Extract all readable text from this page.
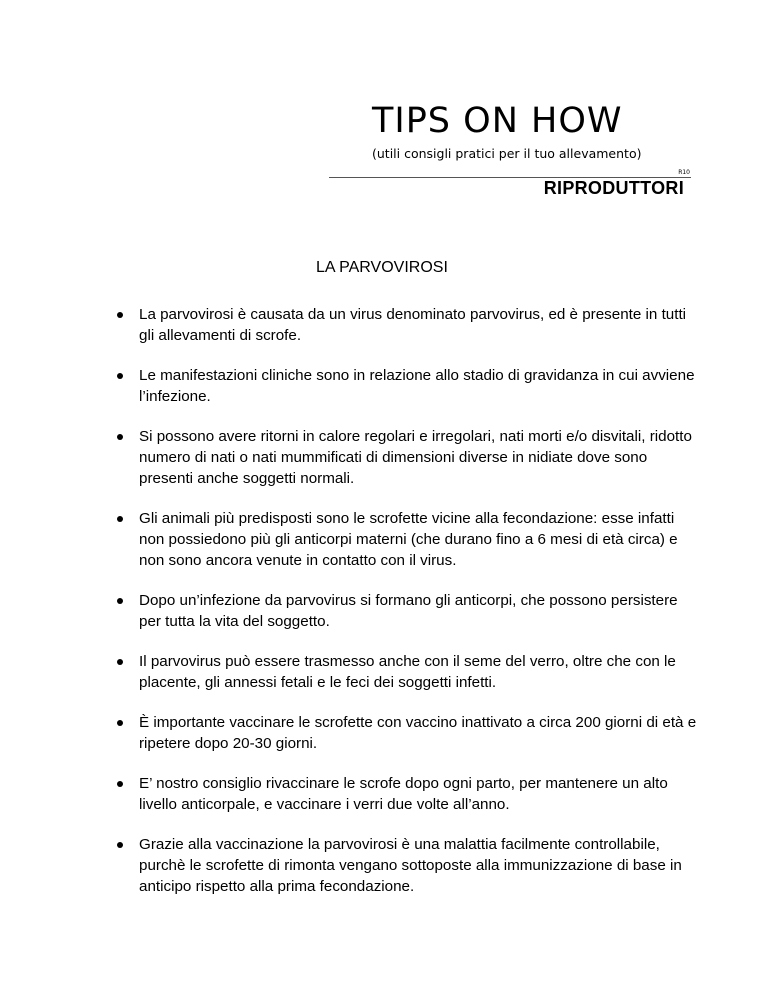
TIPS ON HOW
(utili consigli pratici per il tuo allevamento)
R10
RIPRODUTTORI
LA PARVOVIROSI
La parvovirosi è causata da un virus denominato parvovirus, ed è presente in tutti gli allevamenti di scrofe.
Le manifestazioni cliniche sono in relazione allo stadio di gravidanza in cui avviene l’infezione.
Si possono avere ritorni in calore regolari e irregolari, nati morti e/o disvitali, ridotto numero di nati o nati mummificati di dimensioni diverse in nidiate dove sono presenti anche soggetti normali.
Gli animali più predisposti sono le scrofette vicine alla fecondazione: esse infatti non possiedono più gli anticorpi materni (che durano fino a 6 mesi di età circa) e non sono ancora venute in contatto con il virus.
Dopo un’infezione da parvovirus si formano gli anticorpi, che possono persistere per tutta la vita del soggetto.
Il parvovirus può essere trasmesso anche con il seme del verro, oltre che con le placente, gli annessi fetali e le feci dei soggetti infetti.
È importante vaccinare le scrofette con vaccino inattivato a circa 200 giorni di età e ripetere dopo 20-30 giorni.
E’ nostro consiglio rivaccinare le scrofe dopo ogni parto, per mantenere un alto livello anticorpale, e vaccinare i verri due volte all’anno.
Grazie alla vaccinazione la parvovirosi è una malattia facilmente controllabile, purchè le scrofette di rimonta vengano sottoposte alla immunizzazione di base in anticipo rispetto alla prima fecondazione.
